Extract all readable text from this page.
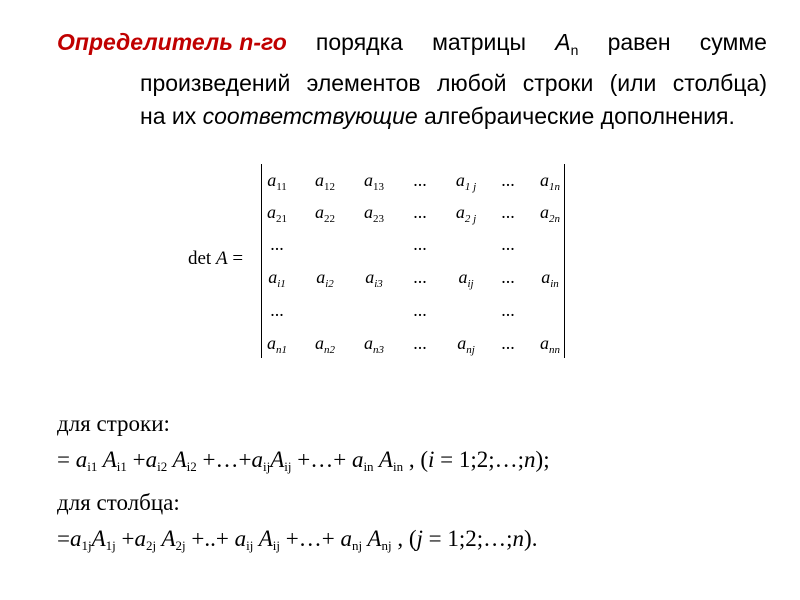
Определитель n-го порядка матрицы $A_n$ равен сумме
произведений элементов любой строки (или столбца)
на их соответствующие алгебраические дополнения.
det A =
$a_{11}$ $a_{12}$ $a_{13}$ ... $a_{1 j}$ ... $a_{1n}$
$a_{21}$ $a_{22}$ $a_{23}$ ... $a_{2 j}$ ... $a_{2n}$
...	...	...
$a_{i1}$ $a_{i2}$ $a_{i3}$ ... $a_{ij}$ ... $a_{in}$
...	...	...
$a_{n1}$ $a_{n2}$ $a_{n3}$ ... $a_{nj}$ ... $a_{nn}$
для строки:
= $a_{i1}$ $A_{i1} +a_{i2}$ $A_{i2}$ $+\dots+a_{ij}A_{ij}$ +…+ $a_{in}$ $A_{in}$ , (i = 1;2;…;n);
для столбца:
$=a_{1j}A_{1j} +a_{2j}$ $A_{2j}$ +..+ $a_{ij}$ $A_{ij}$ +…+ $a_{nj}$ $A_{nj}$ , (j = 1;2;…;n).
